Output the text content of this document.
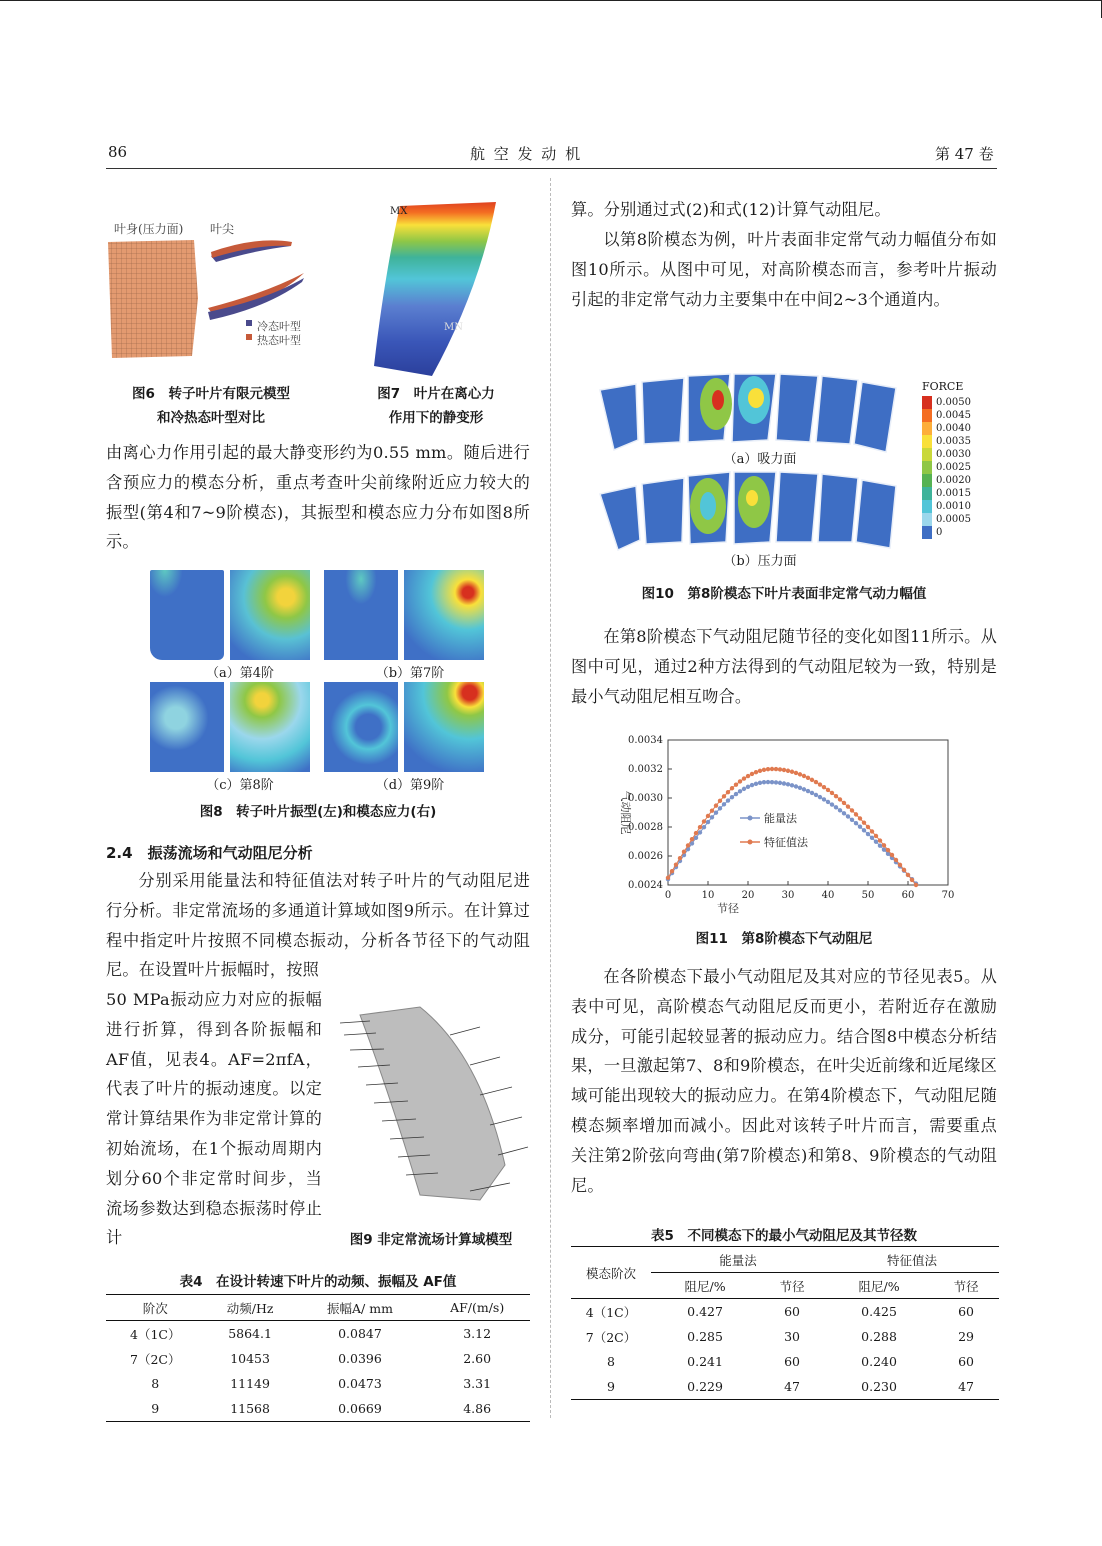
86	航 空 发 动 机	第 47 卷
叶身(压力面) 叶尖
冷态叶型
热态叶型
MX
MN
图6　转子叶片有限元模型
和冷热态叶型对比
图7　叶片在离心力
作用下的静变形

由离心力作用引起的最大静变形约为0.55 mm。随后进行含预应力的模态分析，重点考查叶尖前缘附近应力较大的振型(第4和7~9阶模态)，其振型和模态应力分布如图8所示。

（a）第4阶	（b）第7阶
（c）第8阶	（d）第9阶
图8　转子叶片振型(左)和模态应力(右)
2.4　振荡流场和气动阻尼分析

分别采用能量法和特征值法对转子叶片的气动阻尼进行分析。非定常流场的多通道计算域如图9所示。在计算过程中指定叶片按照不同模态振动，分析各节径下的气动阻尼。在设置叶片振幅时，按照

50 MPa振动应力对应的振幅进行折算，得到各阶振幅和AF值，见表4。AF=2πfA，代表了叶片的振动速度。以定常计算结果作为非定常计算的初始流场，在1个振动周期内划分60个非定常时间步，当流场参数达到稳态振荡时停止计	图9 非定常流场计算域模型
表4　在设计转速下叶片的动频、振幅及 AF值
阶次	动频/Hz	振幅A/ mm	AF/(m/s)
4（1C）	5864.1	0.0847	3.12
7（2C）	10453	0.0396	2.60
8	11149	0.0473	3.31
9	11568	0.0669	4.86

算。分别通过式(2)和式(12)计算气动阻尼。

以第8阶模态为例，叶片表面非定常气动力幅值分布如图10所示。从图中可见，对高阶模态而言，参考叶片振动引起的非定常气动力主要集中在中间2~3个通道内。

（a）吸力面
（b）压力面
FORCE
0.0050
0.0045
0.0040
0.0035
0.0030
0.0025
0.0020
0.0015
0.0010
0.0005
0
图10　第8阶模态下叶片表面非定常气动力幅值

在第8阶模态下气动阻尼随节径的变化如图11所示。从图中可见，通过2种方法得到的气动阻尼较为一致，特别是最小气动阻尼相互吻合。

0.0024
0.0026
0.0028
0.0030
0.0032
0.0034
0	10	20	30	40	50	60	70
节径
气动阻尼	能量法
特征值法
图11　第8阶模态下气动阻尼

在各阶模态下最小气动阻尼及其对应的节径见表5。从表中可见，高阶模态气动阻尼反而更小，若附近存在激励成分，可能引起较显著的振动应力。结合图8中模态分析结果，一旦激起第7、8和9阶模态，在叶尖近前缘和近尾缘区域可能出现较大的振动应力。在第4阶模态下，气动阻尼随模态频率增加而减小。因此对该转子叶片而言，需要重点关注第2阶弦向弯曲(第7阶模态)和第8、9阶模态的气动阻尼。

表5　不同模态下的最小气动阻尼及其节径数
模态阶次	能量法		特征值法	
	阻尼/%	节径	阻尼/%	节径
4（1C）	0.427	60	0.425	60
7（2C）	0.285	30	0.288	29
8	0.241	60	0.240	60
9	0.229	47	0.230	47
